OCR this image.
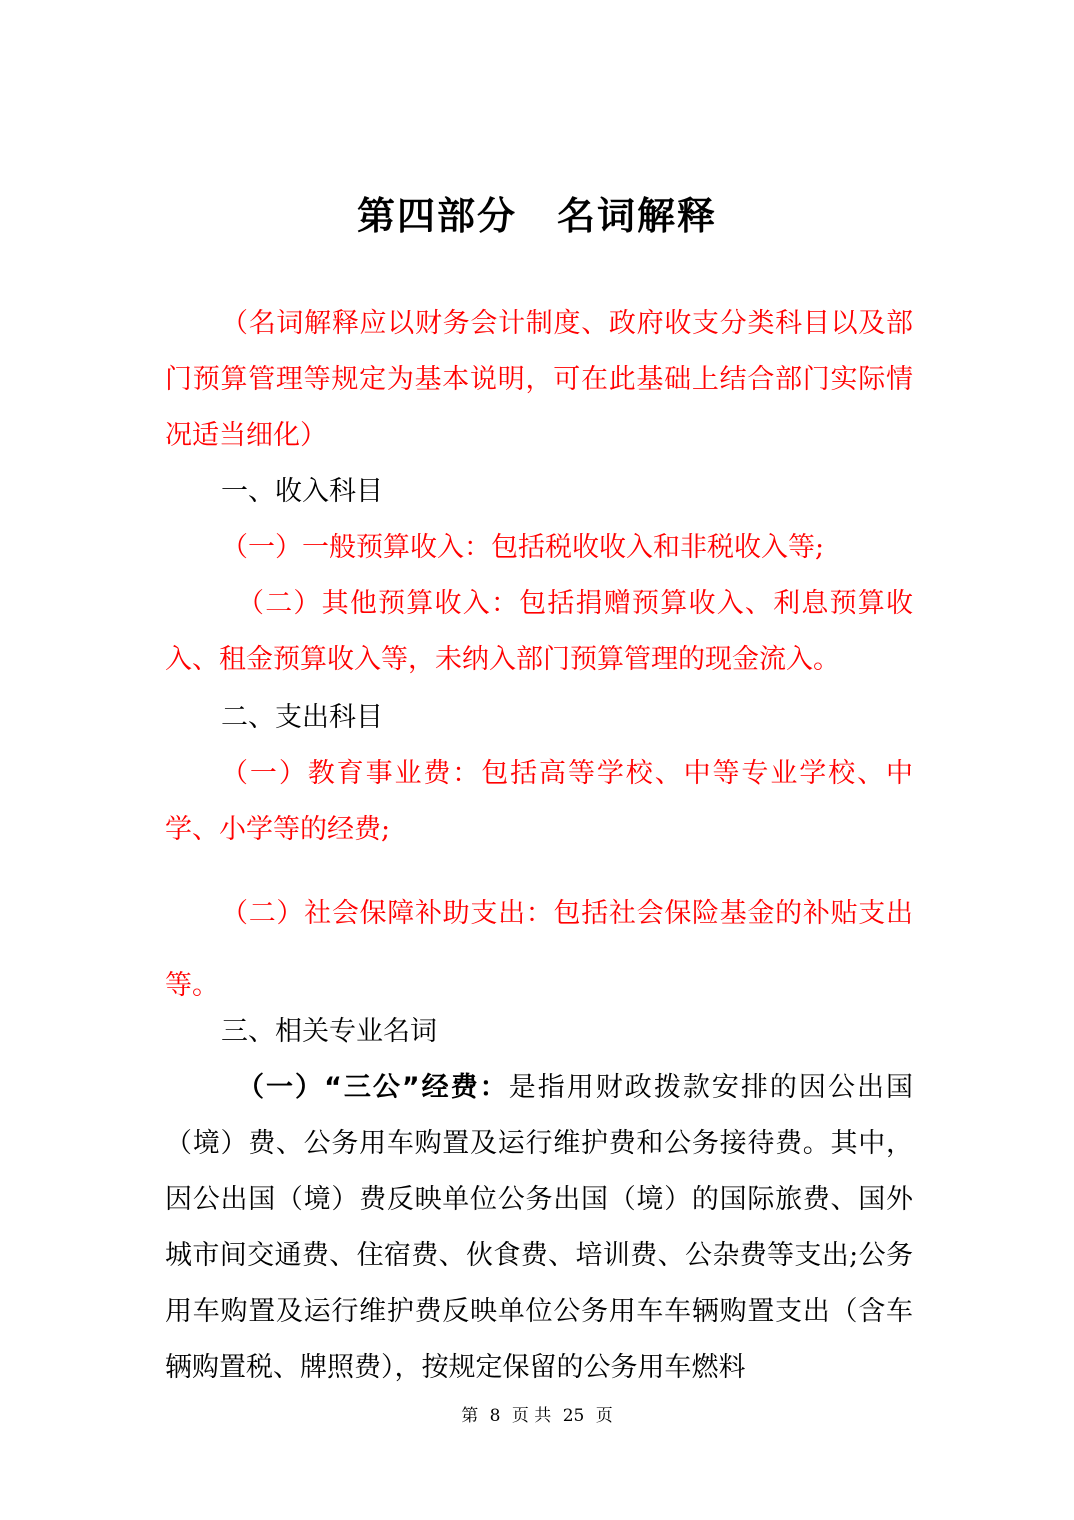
第四部分　名词解释

（名词解释应以财务会计制度、政府收支分类科目以及部门预算管理等规定为基本说明，可在此基础上结合部门实际情况适当细化）

一、收入科目

（一）一般预算收入：包括税收收入和非税收入等;

（二）其他预算收入：包括捐赠预算收入、利息预算收入、租金预算收入等，未纳入部门预算管理的现金流入。

二、支出科目

（一）教育事业费：包括高等学校、中等专业学校、中学、小学等的经费;

（二）社会保障补助支出：包括社会保险基金的补贴支出等。

三、相关专业名词

（一）“三公”经费：是指用财政拨款安排的因公出国（境）费、公务用车购置及运行维护费和公务接待费。其中，因公出国（境）费反映单位公务出国（境）的国际旅费、国外城市间交通费、住宿费、伙食费、培训费、公杂费等支出;公务用车购置及运行维护费反映单位公务用车车辆购置支出（含车辆购置税、牌照费），按规定保留的公务用车燃料

第 8 页 共 25 页
